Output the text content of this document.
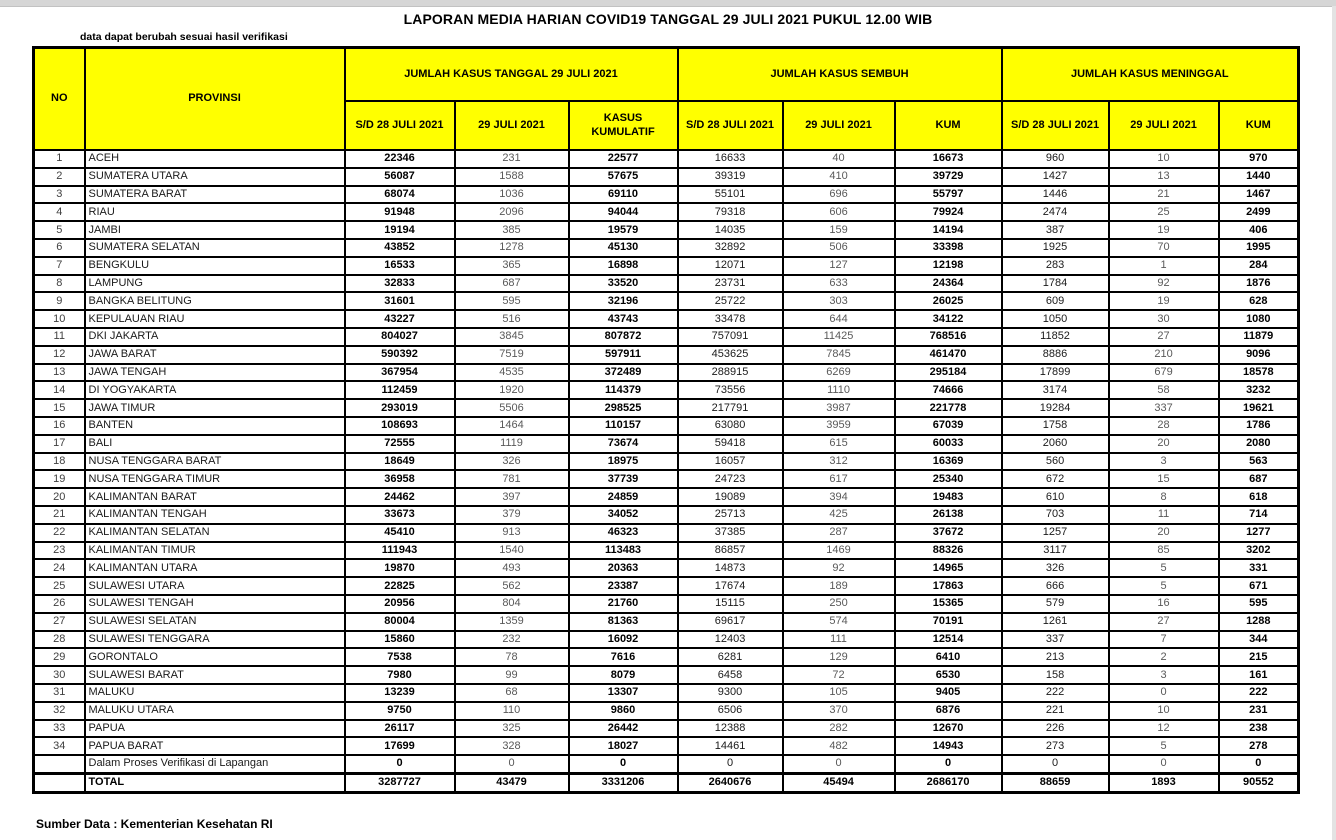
LAPORAN MEDIA HARIAN COVID19 TANGGAL 29 JULI 2021 PUKUL 12.00 WIB
data dapat berubah sesuai hasil verifikasi
NO	PROVINSI	JUMLAH KASUS TANGGAL 29 JULI 2021			JUMLAH KASUS SEMBUH			JUMLAH KASUS MENINGGAL		
		S/D 28 JULI 2021	29 JULI 2021	KASUS KUMULATIF	S/D 28 JULI 2021	29 JULI 2021	KUM	S/D 28 JULI 2021	29 JULI 2021	KUM
1	ACEH	22346	231	22577	16633	40	16673	960	10	970
2	SUMATERA UTARA	56087	1588	57675	39319	410	39729	1427	13	1440
3	SUMATERA BARAT	68074	1036	69110	55101	696	55797	1446	21	1467
4	RIAU	91948	2096	94044	79318	606	79924	2474	25	2499
5	JAMBI	19194	385	19579	14035	159	14194	387	19	406
6	SUMATERA SELATAN	43852	1278	45130	32892	506	33398	1925	70	1995
7	BENGKULU	16533	365	16898	12071	127	12198	283	1	284
8	LAMPUNG	32833	687	33520	23731	633	24364	1784	92	1876
9	BANGKA BELITUNG	31601	595	32196	25722	303	26025	609	19	628
10	KEPULAUAN RIAU	43227	516	43743	33478	644	34122	1050	30	1080
11	DKI JAKARTA	804027	3845	807872	757091	11425	768516	11852	27	11879
12	JAWA BARAT	590392	7519	597911	453625	7845	461470	8886	210	9096
13	JAWA TENGAH	367954	4535	372489	288915	6269	295184	17899	679	18578
14	DI YOGYAKARTA	112459	1920	114379	73556	1110	74666	3174	58	3232
15	JAWA TIMUR	293019	5506	298525	217791	3987	221778	19284	337	19621
16	BANTEN	108693	1464	110157	63080	3959	67039	1758	28	1786
17	BALI	72555	1119	73674	59418	615	60033	2060	20	2080
18	NUSA TENGGARA BARAT	18649	326	18975	16057	312	16369	560	3	563
19	NUSA TENGGARA TIMUR	36958	781	37739	24723	617	25340	672	15	687
20	KALIMANTAN BARAT	24462	397	24859	19089	394	19483	610	8	618
21	KALIMANTAN TENGAH	33673	379	34052	25713	425	26138	703	11	714
22	KALIMANTAN SELATAN	45410	913	46323	37385	287	37672	1257	20	1277
23	KALIMANTAN TIMUR	111943	1540	113483	86857	1469	88326	3117	85	3202
24	KALIMANTAN UTARA	19870	493	20363	14873	92	14965	326	5	331
25	SULAWESI UTARA	22825	562	23387	17674	189	17863	666	5	671
26	SULAWESI TENGAH	20956	804	21760	15115	250	15365	579	16	595
27	SULAWESI SELATAN	80004	1359	81363	69617	574	70191	1261	27	1288
28	SULAWESI TENGGARA	15860	232	16092	12403	111	12514	337	7	344
29	GORONTALO	7538	78	7616	6281	129	6410	213	2	215
30	SULAWESI BARAT	7980	99	8079	6458	72	6530	158	3	161
31	MALUKU	13239	68	13307	9300	105	9405	222	0	222
32	MALUKU UTARA	9750	110	9860	6506	370	6876	221	10	231
33	PAPUA	26117	325	26442	12388	282	12670	226	12	238
34	PAPUA BARAT	17699	328	18027	14461	482	14943	273	5	278
	Dalam Proses Verifikasi di Lapangan	0	0	0	0	0	0	0	0	0
	TOTAL	3287727	43479	3331206	2640676	45494	2686170	88659	1893	90552
Sumber Data : Kementerian Kesehatan RI
